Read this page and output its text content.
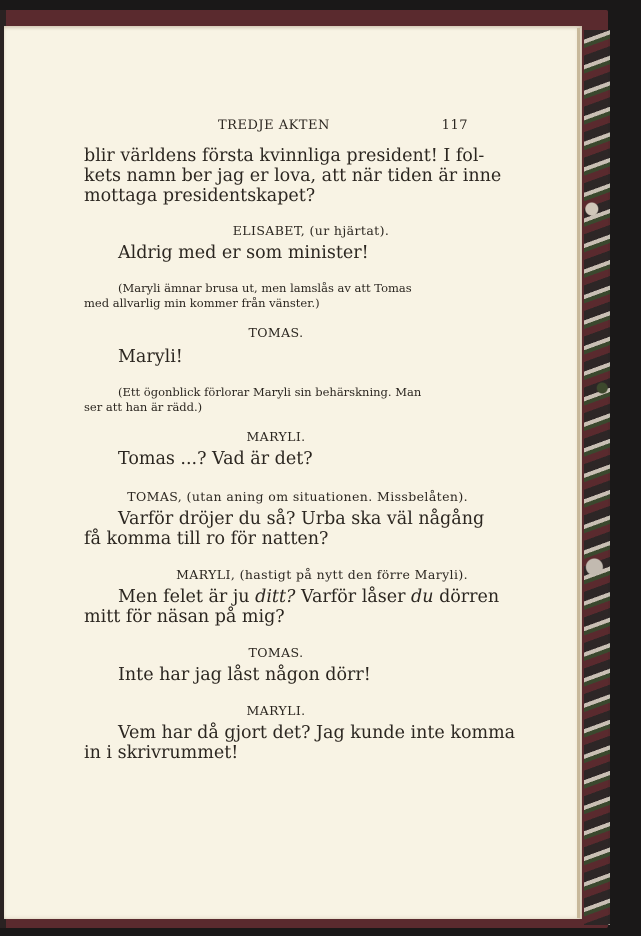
TREDJE AKTEN	117
blir världens första kvinnliga president! I fol-
kets namn ber jag er lova, att när tiden är inne
mottaga presidentskapet?
ELISABET, (ur hjärtat).
Aldrig med er som minister!
(Maryli ämnar brusa ut, men lamslås av att Tomas
med allvarlig min kommer från vänster.)
TOMAS.
Maryli!
(Ett ögonblick förlorar Maryli sin behärskning. Man
ser att han är rädd.)
MARYLI.
Tomas ...? Vad är det?
TOMAS, (utan aning om situationen. Missbelåten).
Varför dröjer du så? Urba ska väl någång
få komma till ro för natten?
MARYLI, (hastigt på nytt den förre Maryli).
Men felet är ju ditt? Varför låser du dörren
mitt för näsan på mig?
TOMAS.
Inte har jag låst någon dörr!
MARYLI.
Vem har då gjort det? Jag kunde inte komma
in i skrivrummet!
